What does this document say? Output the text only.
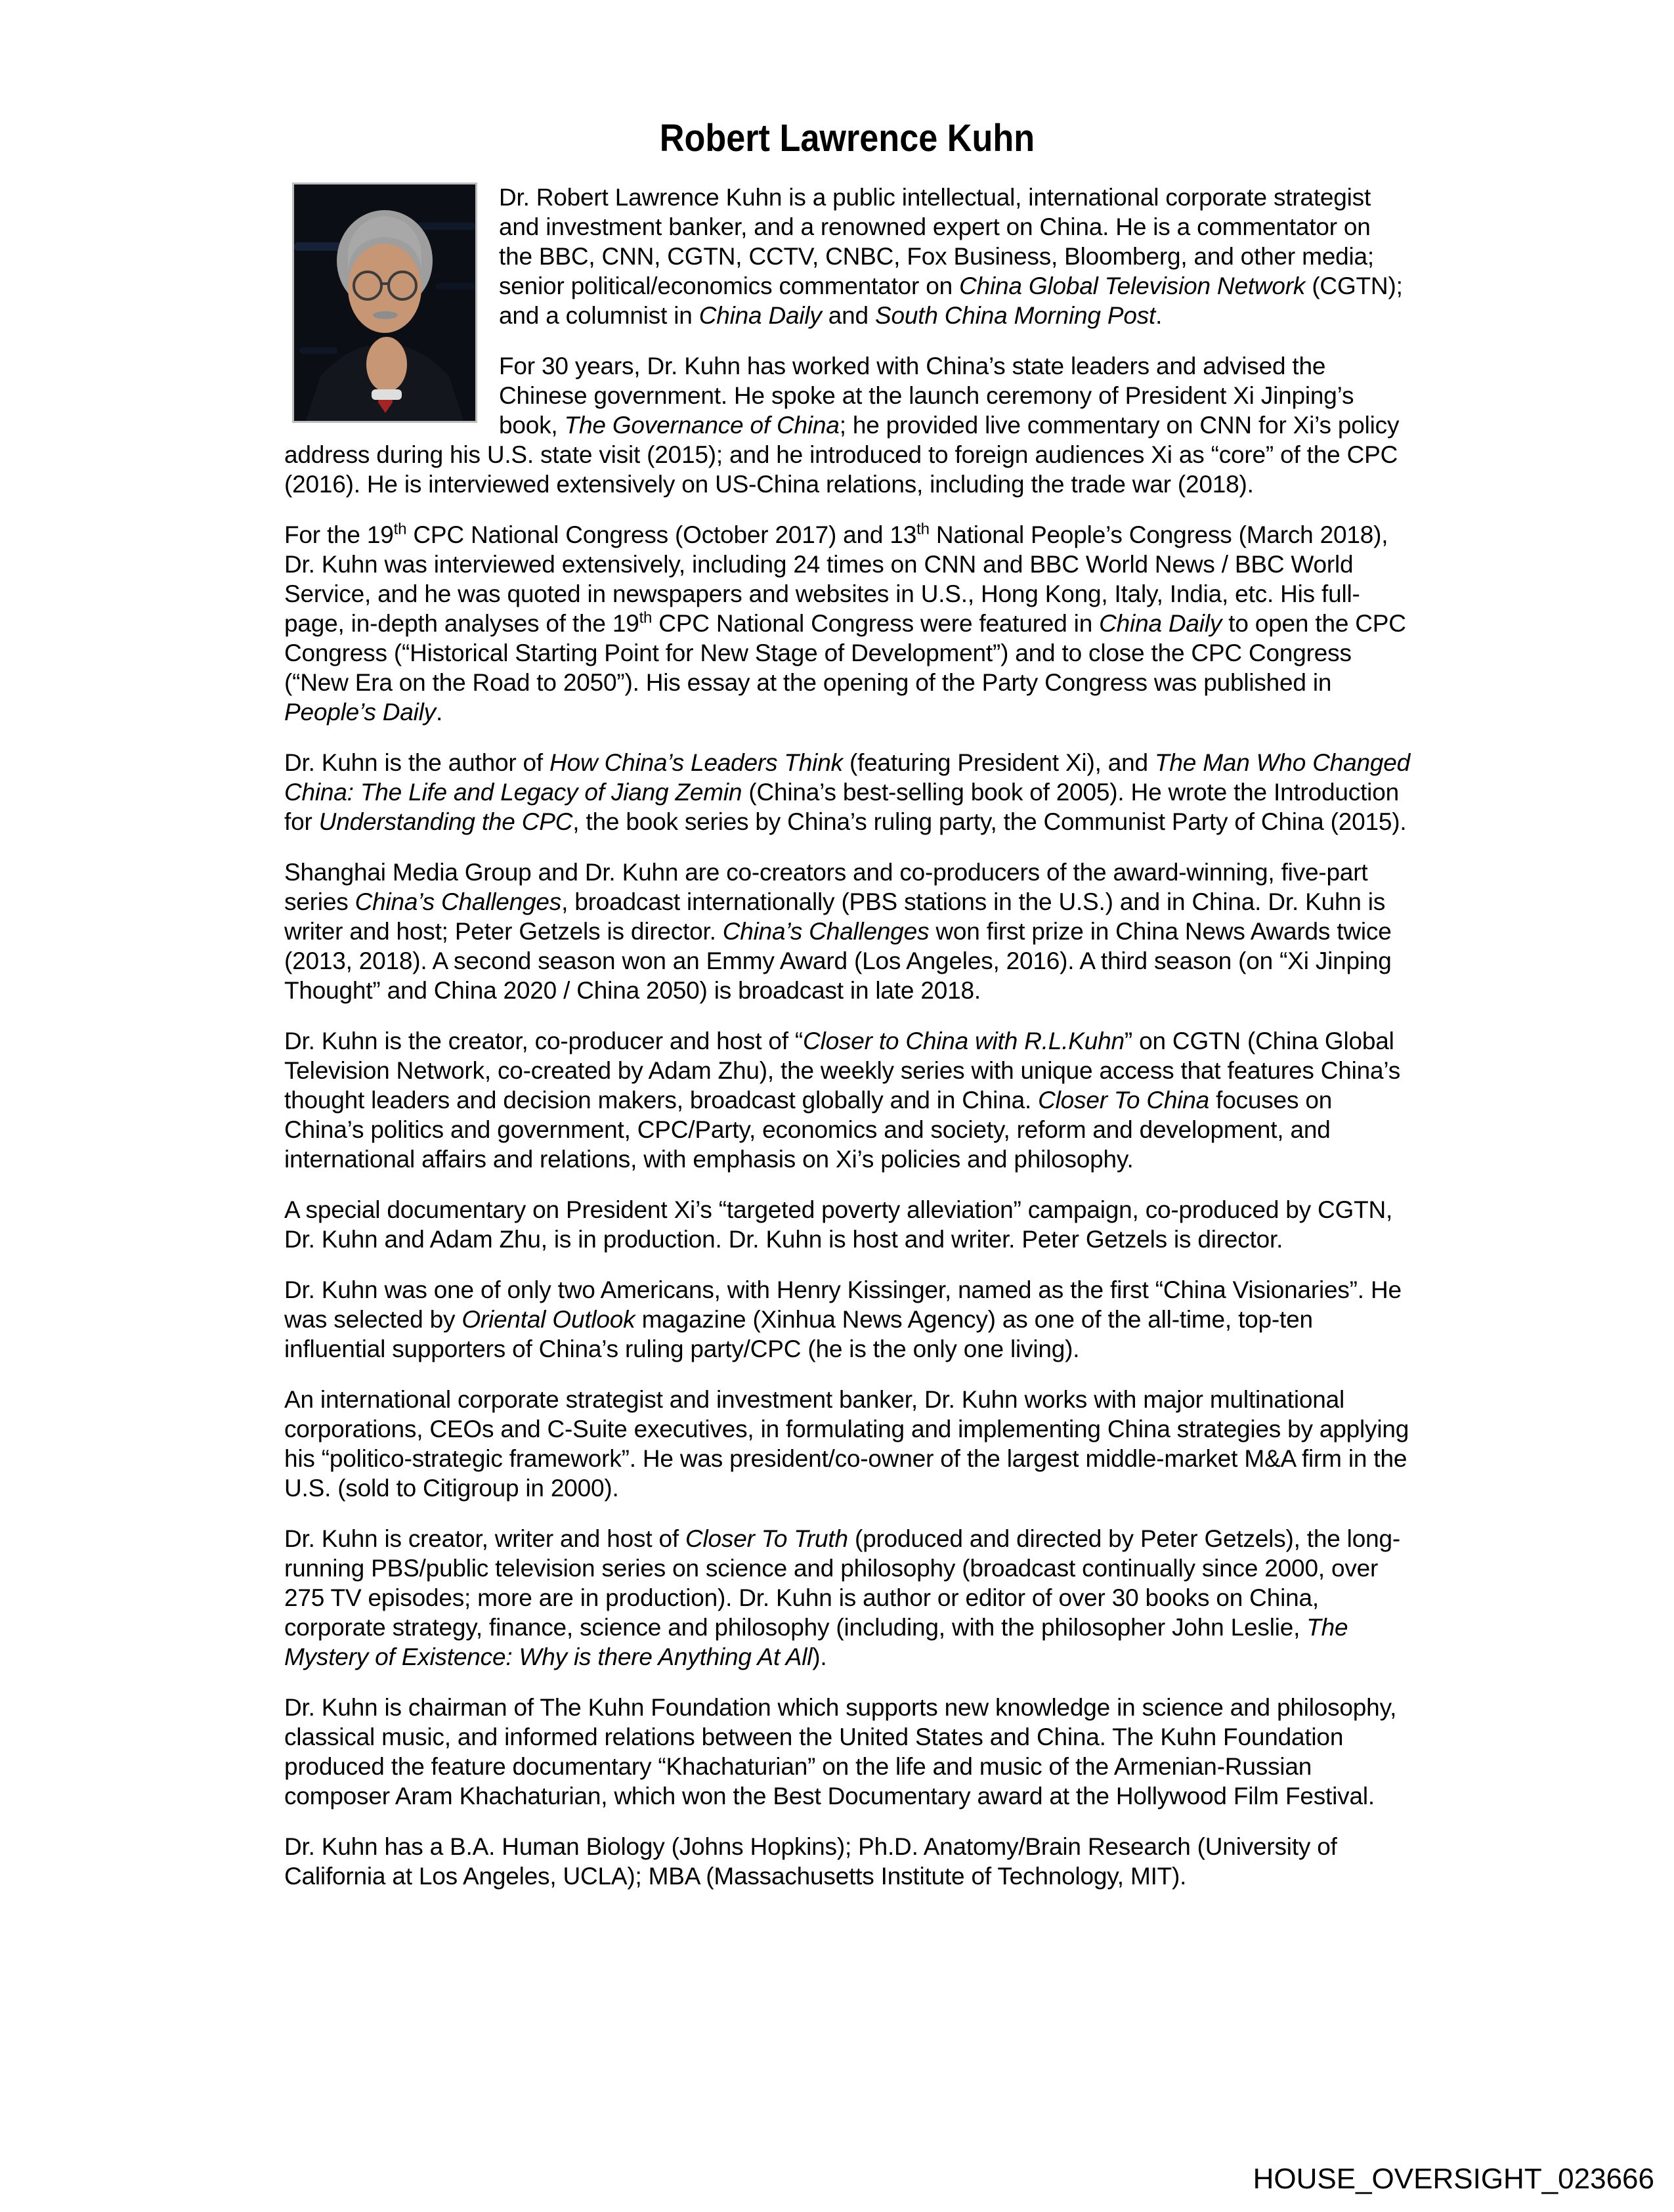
Robert Lawrence Kuhn

Dr. Robert Lawrence Kuhn is a public intellectual, international corporate strategist and investment banker, and a renowned expert on China. He is a commentator on the BBC, CNN, CGTN, CCTV, CNBC, Fox Business, Bloomberg, and other media; senior political/economics commentator on China Global Television Network (CGTN); and a columnist in China Daily and South China Morning Post.

For 30 years, Dr. Kuhn has worked with China’s state leaders and advised the Chinese government. He spoke at the launch ceremony of President Xi Jinping’s book, The Governance of China; he provided live commentary on CNN for Xi’s policy address during his U.S. state visit (2015); and he introduced to foreign audiences Xi as “core” of the CPC (2016). He is interviewed extensively on US-China relations, including the trade war (2018).

For the 19th CPC National Congress (October 2017) and 13th National People’s Congress (March 2018), Dr. Kuhn was interviewed extensively, including 24 times on CNN and BBC World News / BBC World Service, and he was quoted in newspapers and websites in U.S., Hong Kong, Italy, India, etc. His full-page, in-depth analyses of the 19th CPC National Congress were featured in China Daily to open the CPC Congress (“Historical Starting Point for New Stage of Development”) and to close the CPC Congress (“New Era on the Road to 2050”). His essay at the opening of the Party Congress was published in People’s Daily.

Dr. Kuhn is the author of How China’s Leaders Think (featuring President Xi), and The Man Who Changed China: The Life and Legacy of Jiang Zemin (China’s best-selling book of 2005). He wrote the Introduction for Understanding the CPC, the book series by China’s ruling party, the Communist Party of China (2015).

Shanghai Media Group and Dr. Kuhn are co-creators and co-producers of the award-winning, five-part series China’s Challenges, broadcast internationally (PBS stations in the U.S.) and in China. Dr. Kuhn is writer and host; Peter Getzels is director. China’s Challenges won first prize in China News Awards twice (2013, 2018). A second season won an Emmy Award (Los Angeles, 2016). A third season (on “Xi Jinping Thought” and China 2020 / China 2050) is broadcast in late 2018.

Dr. Kuhn is the creator, co-producer and host of “Closer to China with R.L.Kuhn” on CGTN (China Global Television Network, co-created by Adam Zhu), the weekly series with unique access that features China’s thought leaders and decision makers, broadcast globally and in China. Closer To China focuses on China’s politics and government, CPC/Party, economics and society, reform and development, and international affairs and relations, with emphasis on Xi’s policies and philosophy.

A special documentary on President Xi’s “targeted poverty alleviation” campaign, co-produced by CGTN, Dr. Kuhn and Adam Zhu, is in production. Dr. Kuhn is host and writer. Peter Getzels is director.

Dr. Kuhn was one of only two Americans, with Henry Kissinger, named as the first “China Visionaries”. He was selected by Oriental Outlook magazine (Xinhua News Agency) as one of the all-time, top-ten influential supporters of China’s ruling party/CPC (he is the only one living).

An international corporate strategist and investment banker, Dr. Kuhn works with major multinational corporations, CEOs and C-Suite executives, in formulating and implementing China strategies by applying his “politico-strategic framework”. He was president/co-owner of the largest middle-market M&A firm in the U.S. (sold to Citigroup in 2000).

Dr. Kuhn is creator, writer and host of Closer To Truth (produced and directed by Peter Getzels), the long-running PBS/public television series on science and philosophy (broadcast continually since 2000, over 275 TV episodes; more are in production). Dr. Kuhn is author or editor of over 30 books on China, corporate strategy, finance, science and philosophy (including, with the philosopher John Leslie, The Mystery of Existence: Why is there Anything At All).

Dr. Kuhn is chairman of The Kuhn Foundation which supports new knowledge in science and philosophy, classical music, and informed relations between the United States and China. The Kuhn Foundation produced the feature documentary “Khachaturian” on the life and music of the Armenian-Russian composer Aram Khachaturian, which won the Best Documentary award at the Hollywood Film Festival.

Dr. Kuhn has a B.A. Human Biology (Johns Hopkins); Ph.D. Anatomy/Brain Research (University of California at Los Angeles, UCLA); MBA (Massachusetts Institute of Technology, MIT).

HOUSE_OVERSIGHT_023666
